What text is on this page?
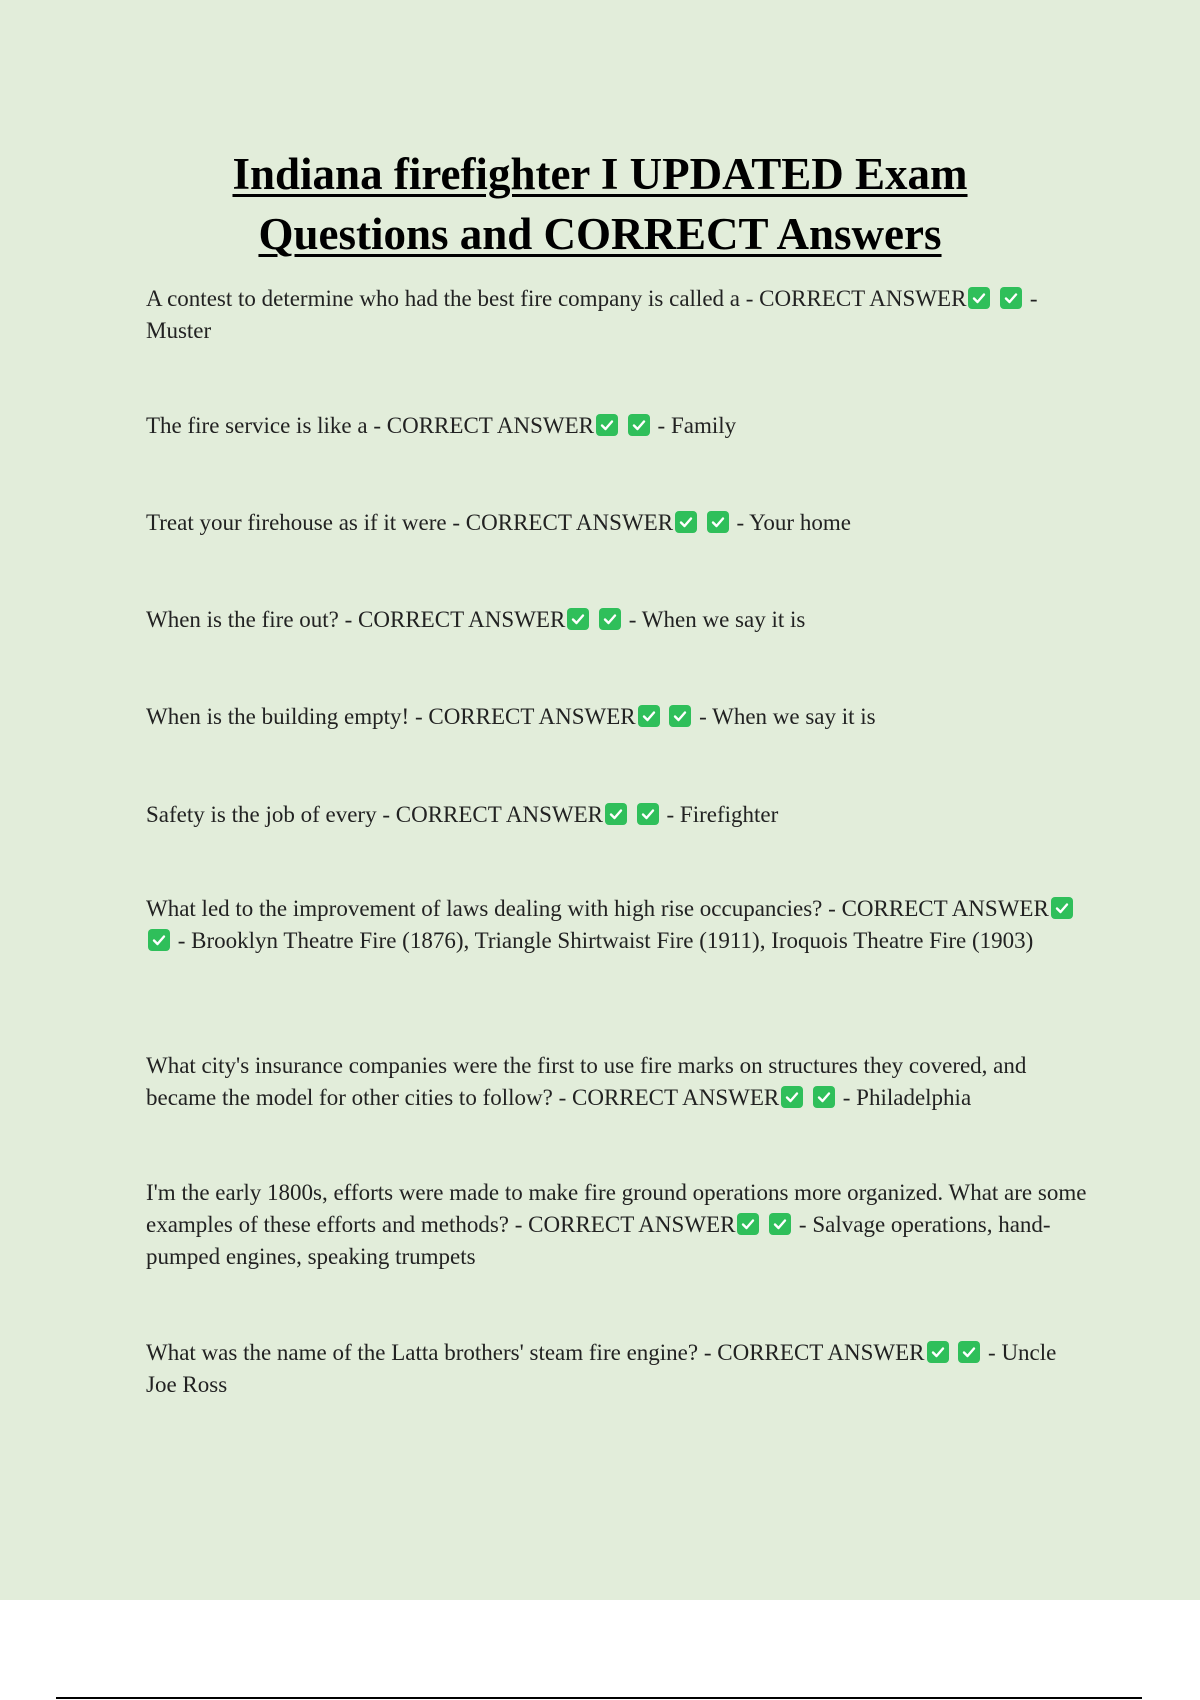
Indiana firefighter I UPDATED Exam
Questions and CORRECT Answers
A contest to determine who had the best fire company is called a - CORRECT ANSWER
	- Muster
The fire service is like a - CORRECT ANSWER
	- Family
Treat your firehouse as if it were - CORRECT ANSWER
	- Your home
When is the fire out? - CORRECT ANSWER
	- When we say it is
When is the building empty! - CORRECT ANSWER
	- When we say it is
Safety is the job of every - CORRECT ANSWER
	- Firefighter
What led to the improvement of laws dealing with high rise occupancies? - CORRECT ANSWER

- Brooklyn Theatre Fire (1876), Triangle Shirtwaist Fire (1911), Iroquois Theatre Fire (1903)
What city's insurance companies were the first to use fire marks on structures they covered, and became the model for other cities to follow? - CORRECT ANSWER
	- Philadelphia
I'm the early 1800s, efforts were made to make fire ground operations more organized. What are some examples of these efforts and methods? - CORRECT ANSWER
	- Salvage operations, hand-pumped engines, speaking trumpets
What was the name of the Latta brothers' steam fire engine? - CORRECT ANSWER
	- Uncle Joe Ross
